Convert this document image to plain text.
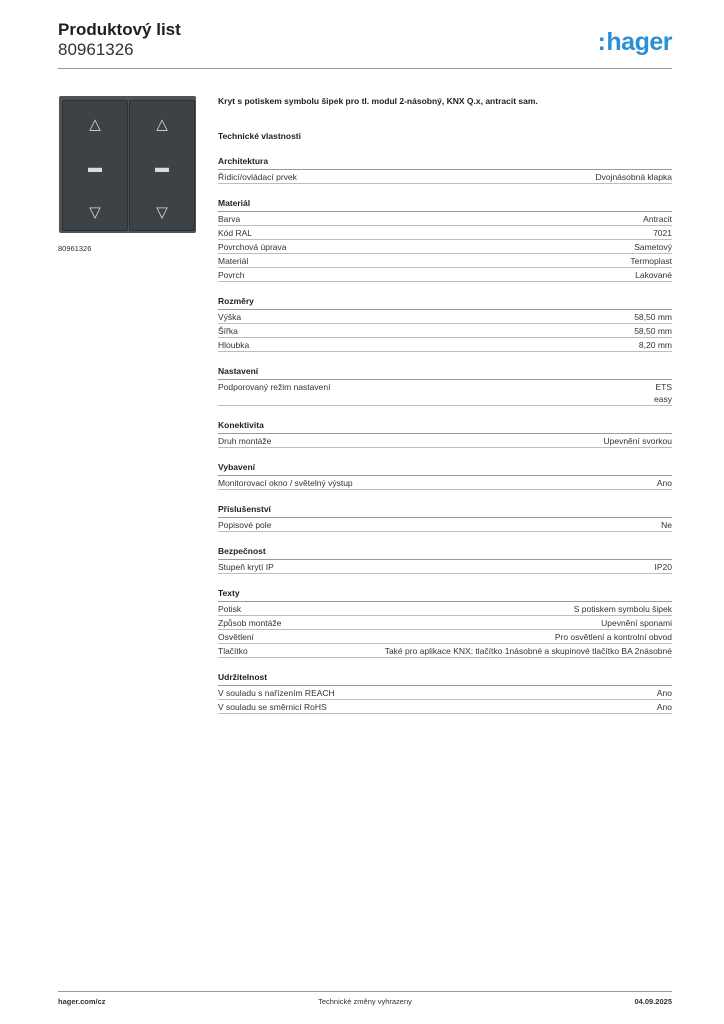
Produktový list
80961326	:hager
△
▬
▽
△
▬
▽
80961326
Kryt s potiskem symbolu šipek pro tl. modul 2-násobný, KNX Q.x, antracit sam.
Technické vlastnosti
Architektura
Řídicí/ovládací prvek	Dvojnásobná klapka
Materiál
Barva	Antracit
Kód RAL	7021
Povrchová úprava	Sametový
Materiál	Termoplast
Povrch	Lakované
Rozměry
Výška	58,50 mm
Šířka	58,50 mm
Hloubka	8,20 mm
Nastavení
Podporovaný režim nastavení	ETS
easy
Konektivita
Druh montáže	Upevnění svorkou
Vybavení
Monitorovací okno / světelný výstup	Ano
Příslušenství
Popisové pole	Ne
Bezpečnost
Stupeň krytí IP	IP20
Texty
Potisk	S potiskem symbolu šipek
Způsob montáže	Upevnění sponami
Osvětlení	Pro osvětlení a kontrolní obvod
Tlačítko	Také pro aplikace KNX: tlačítko 1násobné a skupinové tlačítko BA 2násobné
Udržitelnost
V souladu s nařízením REACH	Ano
V souladu se směrnicí RoHS	Ano
hager.com/cz	Technické změny vyhrazeny	04.09.2025
